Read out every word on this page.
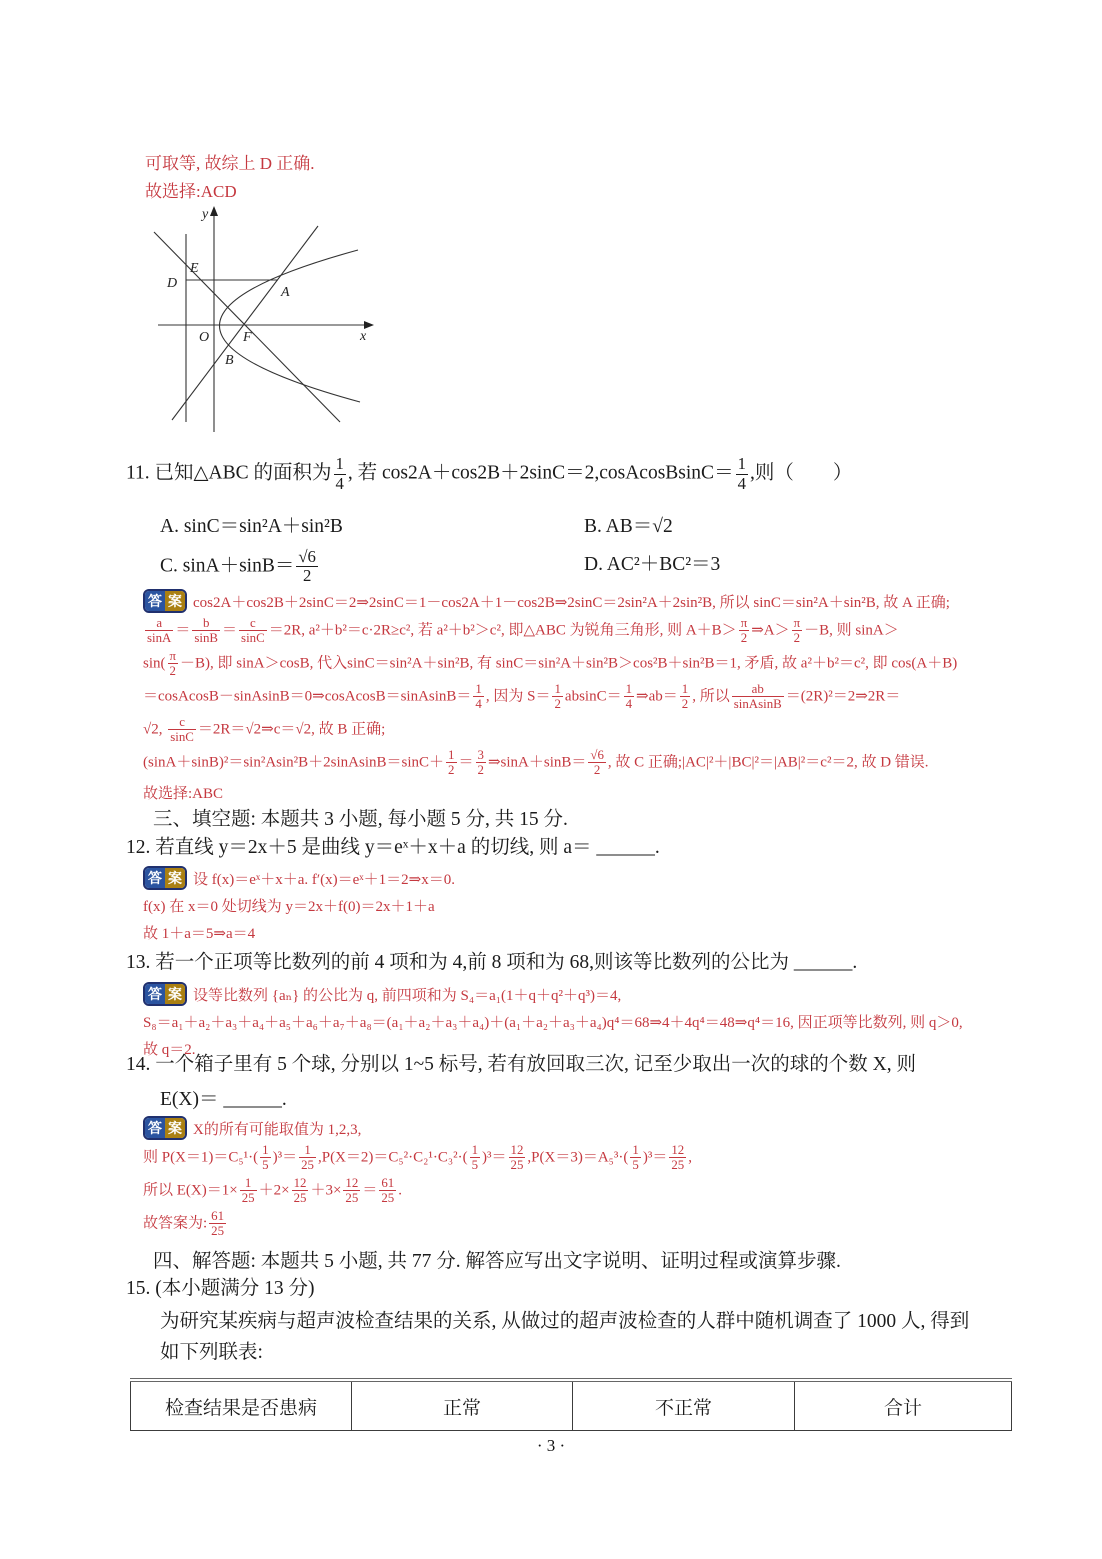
可取等, 故综上 D 正确.
故选择:ACD
y
x
E
D
A
O F
B
11. 已知△ABC 的面积为 $\frac{1}{4}$ , 若 cos2A＋cos2B＋2sinC＝2,cosAcosBsinC＝ $\frac{1}{4}$ ,则（　　）
A. sinC＝sin²A＋sin²B	B. AB＝√2
C. $\sin A+\sin B= \frac{√6}{2}$	D. AC²＋BC²＝3
答 案 cos2A＋cos2B＋2sinC＝2⇒2sinC＝1－cos2A＋1－cos2B⇒2sinC＝2sin²A＋2sin²B, 所以 sinC＝sin²A＋sin²B, 故 A 正确;
$\frac{a}{\sin A} = \frac{b}{\sin B} = \frac{c}{\sin C} =2R$, a²＋b²＝c·2R≥c², 若 a²＋b²＞c², 即△ABC 为锐角三角形, 则 $A+B> \frac{\pi}{2}$ ⇒A＞ $\frac{\pi}{2} -B$, 则 sinA＞
$\sin( \frac{\pi}{2} -B)$, 即 sinA＞cosB, 代入sinC＝sin²A＋sin²B, 有 sinC＝sin²A＋sin²B＞cos²B＋sin²B＝1, 矛盾, 故 a²＋b²＝c², 即 cos(A＋B)
＝cosAcosB－sinAsinB＝0⇒cosAcosB＝sinAsinB＝ $\frac{1}{4}$ , 因为 $S= \frac{1}{2} absinC= \frac{1}{4}$ ⇒ab＝ $\frac{1}{2}$ , 所以 $\frac{ab}{\text{sinAsinB}}$ ＝(2R)²＝2⇒2R＝
√2, $\frac{c}{\sin C}$ ＝2R＝√2⇒c＝√2, 故 B 正确;
(sinA＋sinB)²＝sin²Asin²B＋2sinAsinB＝sinC＋ $\frac{1}{2} = \frac{3}{2}$ ⇒sinA＋sinB＝ $\frac{√6}{2}$ , 故 C 正确;|AC|²＋|BC|²＝|AB|²＝c²＝2, 故 D 错误.
故选择:ABC
三、填空题: 本题共 3 小题, 每小题 5 分, 共 15 分.
12. 若直线 y＝2x＋5 是曲线 y＝eˣ＋x＋a 的切线, 则 a＝ ______.
答 案 设 f(x)＝eˣ＋x＋a. f′(x)＝eˣ＋1＝2⇒x＝0.
f(x) 在 x＝0 处切线为 y＝2x＋f(0)＝2x＋1＋a
故 1＋a＝5⇒a＝4
13. 若一个正项等比数列的前 4 项和为 4,前 8 项和为 68,则该等比数列的公比为 ______.
答 案 设等比数列 {aₙ} 的公比为 q, 前四项和为 S₄＝a₁(1＋q＋q²＋q³)＝4,
S₈＝a₁＋a₂＋a₃＋a₄＋a₅＋a₆＋a₇＋a₈＝(a₁＋a₂＋a₃＋a₄)＋(a₁＋a₂＋a₃＋a₄)q⁴＝68⇒4＋4q⁴＝48⇒q⁴＝16, 因正项等比数列, 则 q＞0,
故 q＝2.
14. 一个箱子里有 5 个球, 分别以 1~5 标号, 若有放回取三次, 记至少取出一次的球的个数 X, 则
E(X)＝ ______.
答 案 X的所有可能取值为 1,2,3,
则 $P(X=1)=C_5^1\cdot( \frac{1}{5} )^3= \frac{1}{25} ,P(X=2)=C_5^2\cdot C_2^1\cdot C_3^2\cdot( \frac{1}{5} )^3= \frac{12}{25} ,P(X=3)=A_5^3\cdot( \frac{1}{5} )^3= \frac{12}{25}$ ,
所以 $E(X)=1\times \frac{1}{25} +2\times \frac{12}{25} +3\times \frac{12}{25} = \frac{61}{25}$ .
故答案为: $\frac{61}{25}$
四、解答题: 本题共 5 小题, 共 77 分. 解答应写出文字说明、证明过程或演算步骤.
15. (本小题满分 13 分)
为研究某疾病与超声波检查结果的关系, 从做过的超声波检查的人群中随机调查了 1000 人, 得到
如下列联表:
检查结果是否患病	正常	不正常	合计
· 3 ·
